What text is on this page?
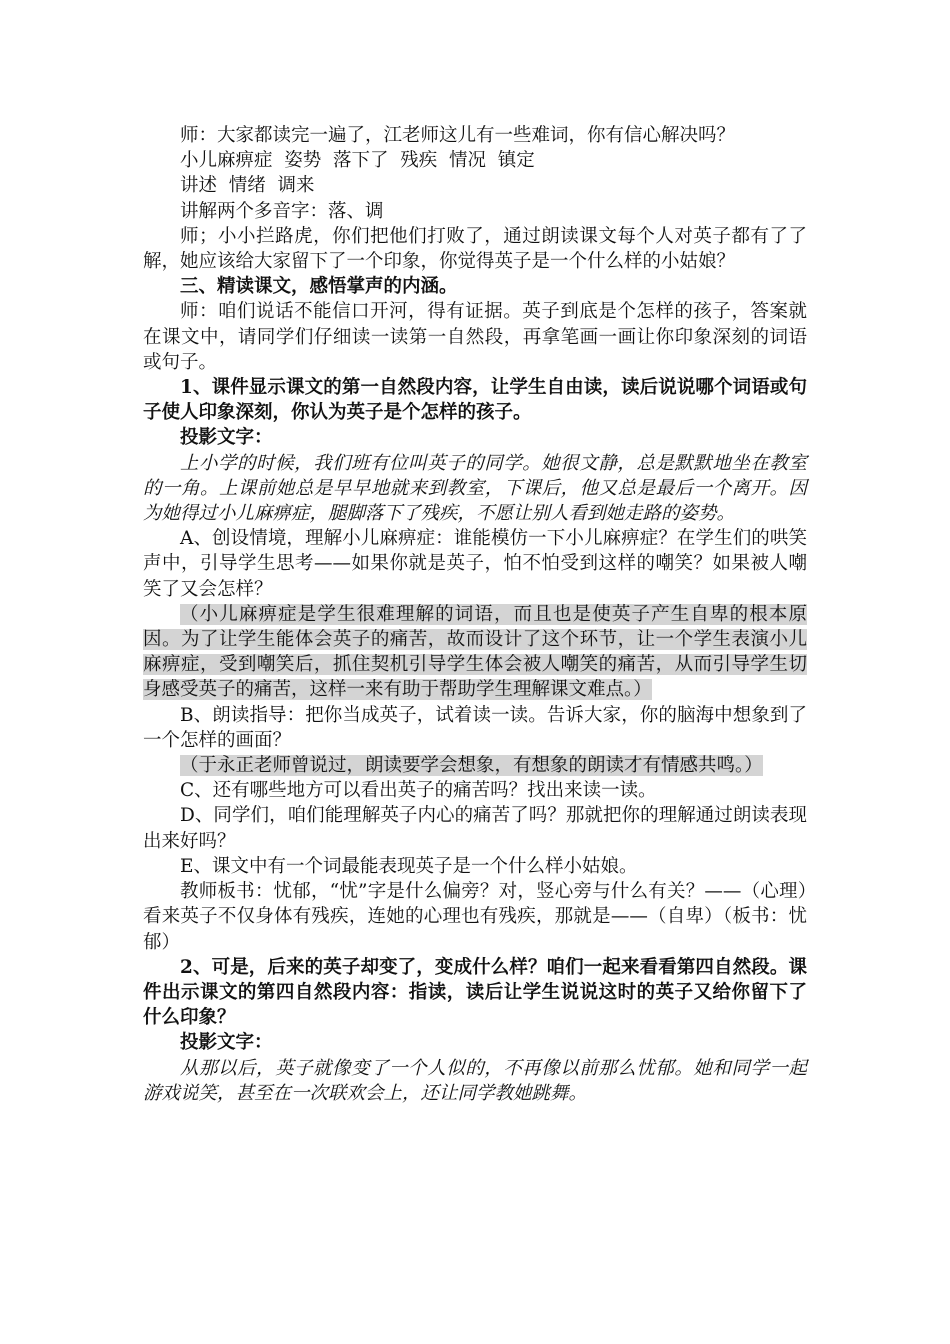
师：大家都读完一遍了，江老师这儿有一些难词，你有信心解决吗？

小儿麻痹症  姿势  落下了  残疾  情况  镇定

讲述  情绪  调来

讲解两个多音字：落、调

师；小小拦路虎，你们把他们打败了，通过朗读课文每个人对英子都有了了解，她应该给大家留下了一个印象，你觉得英子是一个什么样的小姑娘？

三、精读课文，感悟掌声的内涵。

师：咱们说话不能信口开河，得有证据。英子到底是个怎样的孩子，答案就在课文中，请同学们仔细读一读第一自然段，再拿笔画一画让你印象深刻的词语或句子。

1、课件显示课文的第一自然段内容，让学生自由读，读后说说哪个词语或句子使人印象深刻，你认为英子是个怎样的孩子。

投影文字：

上小学的时候，我们班有位叫英子的同学。她很文静，总是默默地坐在教室的一角。上课前她总是早早地就来到教室，下课后，他又总是最后一个离开。因为她得过小儿麻痹症，腿脚落下了残疾，不愿让别人看到她走路的姿势。

A、创设情境，理解小儿麻痹症：谁能模仿一下小儿麻痹症？在学生们的哄笑声中，引导学生思考——如果你就是英子，怕不怕受到这样的嘲笑？如果被人嘲笑了又会怎样？

（小儿麻痹症是学生很难理解的词语，而且也是使英子产生自卑的根本原因。为了让学生能体会英子的痛苦，故而设计了这个环节，让一个学生表演小儿麻痹症，受到嘲笑后，抓住契机引导学生体会被人嘲笑的痛苦，从而引导学生切身感受英子的痛苦，这样一来有助于帮助学生理解课文难点。）

B、朗读指导：把你当成英子，试着读一读。告诉大家，你的脑海中想象到了一个怎样的画面？

（于永正老师曾说过，朗读要学会想象，有想象的朗读才有情感共鸣。）

C、还有哪些地方可以看出英子的痛苦吗？找出来读一读。

D、同学们，咱们能理解英子内心的痛苦了吗？那就把你的理解通过朗读表现出来好吗？

E、课文中有一个词最能表现英子是一个什么样小姑娘。

教师板书：忧郁，“忧”字是什么偏旁？对，竖心旁与什么有关？——（心理）看来英子不仅身体有残疾，连她的心理也有残疾，那就是——（自卑）（板书：忧郁）

2、可是，后来的英子却变了，变成什么样？咱们一起来看看第四自然段。课件出示课文的第四自然段内容：指读，读后让学生说说这时的英子又给你留下了什么印象？

投影文字：

从那以后，英子就像变了一个人似的，不再像以前那么忧郁。她和同学一起游戏说笑，甚至在一次联欢会上，还让同学教她跳舞。
